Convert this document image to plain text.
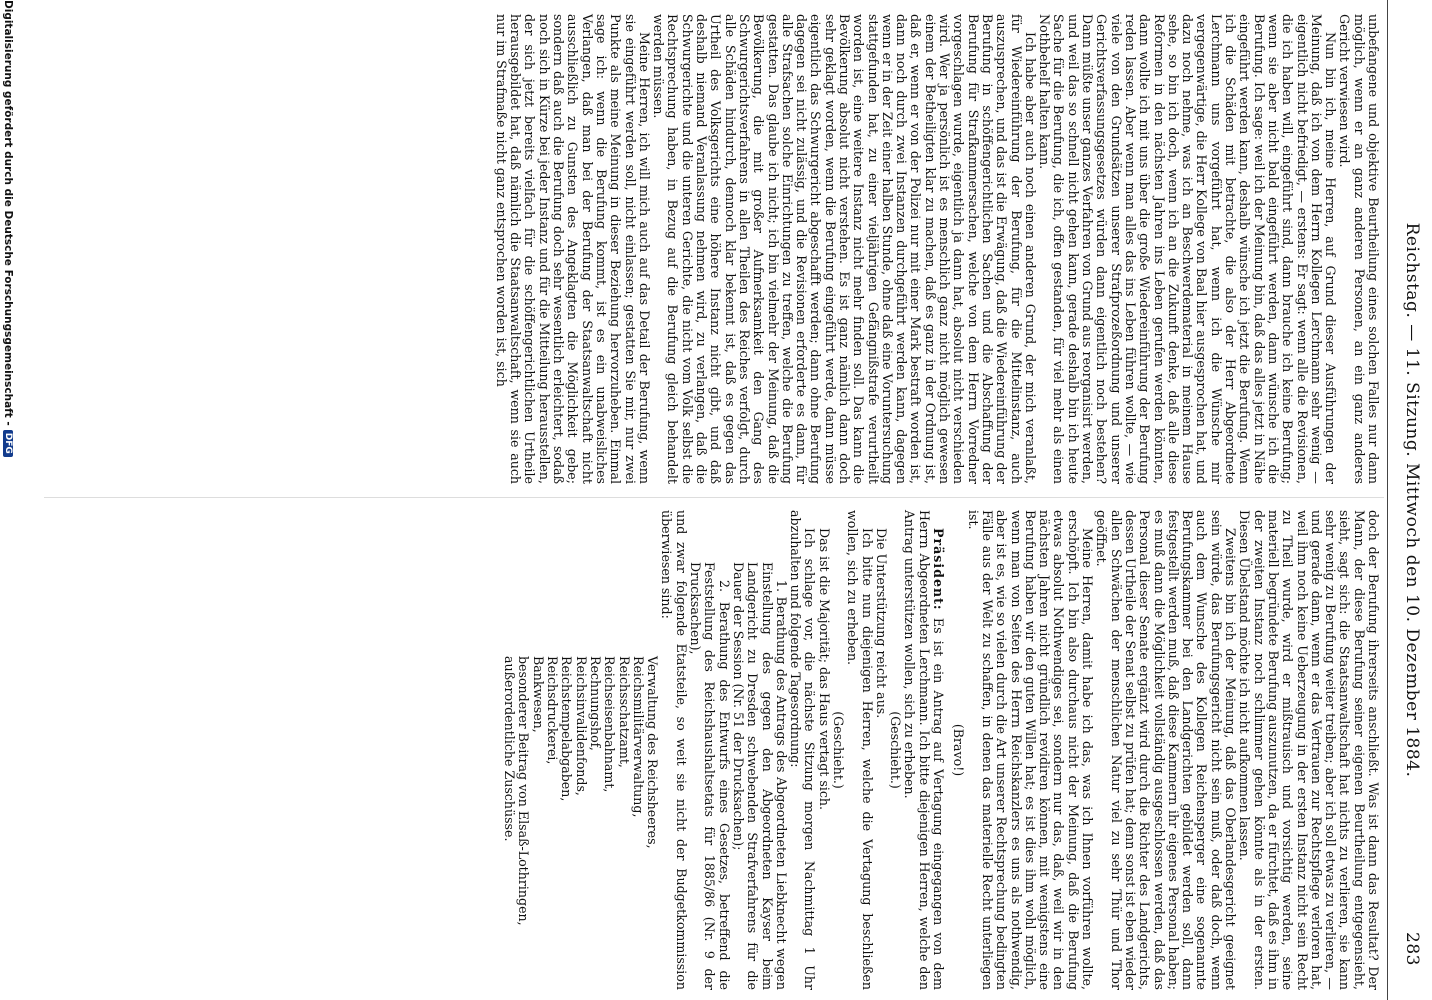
Reichstag. — 11. Sitzung. Mittwoch den 10. Dezember 1884.
283

unbefangene und objektive Beurtheilung eines solchen Falles nur dann möglich, wenn er an ganz anderen Personen, an ein ganz anderes Gericht verwiesen wird.

Nun bin ich, meine Herren, auf Grund dieser Ausführungen der Meinung, daß ich von dem Herrn Kollegen Lerchmann sehr wenig — eigentlich nicht befriedigt, — erstens: Er sagt: wenn alle die Revisionen, die ich haben will, eingeführt sind, dann brauche ich keine Berufung; wenn sie aber nicht bald eingeführt werden, dann wünsche ich die Berufung. Ich sage: weil ich der Meinung bin, daß das alles jetzt in Nähe eingeführt werden kann, deshalb wünsche ich jetzt die Berufung. Wenn ich die Schäden mit betrachte, die also der Herr Abgeordnete Lerchmann uns vorgeführt hat, wenn ich die Wünsche mir vergegenwärtige, die Herr Kollege von Baal hier ausgesprochen hat, und dazu noch nehme, was ich an Beschwerdematerial in meinem Hause sehe, so bin ich doch, wenn ich an die Zukunft denke, daß alle diese Reformen in den nächsten Jahren ins Leben gerufen werden könnten, dann wollte ich mit uns über die große Wiedereinführung der Berufung reden lassen. Aber wenn man alles das ins Leben führen wollte, — wie viele von den Grundsätzen unserer Strafprozeßordnung und unserer Gerichtsverfassungsgesetzes würden dann eigentlich noch bestehen? Dann müßte unser ganzes Verfahren von Grund aus reorganisirt werden, und weil das so schnell nicht gehen kann, gerade deshalb bin ich heute Sache für die Berufung, die ich, offen gestanden, für viel mehr als einen Nothbehelf halten kann.

Ich habe aber auch noch einen anderen Grund, der mich veranlaßt, für Wiedereinführung der Berufung, für die Mittelinstanz, auch auszusprechen, und das ist die Erwägung, daß die Wiedereinführung der Berufung in schöffengerichtlichen Sachen und die Abschaffung der Berufung für Strafkammersachen, welche von dem Herrn Vorredner vorgeschlagen wurde, eigentlich ja dann hat, absolut nicht verschieden wird. Wer ja persönlich ist es menschlich ganz nicht möglich gewesen einem der Betheiligten klar zu machen, daß es ganz in der Ordnung ist, daß er, wenn er von der Polizei nur mit einer Mark bestraft worden ist, dann noch durch zwei Instanzen durchgeführt werden kann, dagegen wenn er in der Zeit einer halben Stunde, ohne daß eine Voruntersuchung stattgefunden hat, zu einer vieljährigen Gefängnißstrafe verurtheilt worden ist, eine weitere Instanz nicht mehr finden soll. Das kann die Bevölkerung absolut nicht verstehen. Es ist ganz nämlich dann doch sehr geklagt worden, wenn die Berufung eingeführt werde, dann müsse eigentlich das Schwurgericht abgeschafft werden; dann ohne Berufung dagegen sei nicht zulässig, und die Revisionen erforderte es dann, für alle Strafsachen solche Einrichtungen zu treffen, welche die Berufung gestatten. Das glaube ich nicht; ich bin vielmehr der Meinung, daß die Bevölkerung, die mit großer Aufmerksamkeit den Gang des Schwurgerichtsverfahrens in allen Theilen des Reiches verfolgt, durch alle Schäden hindurch, dennoch klar bekennt ist, daß es gegen das Urtheil des Volksgerichts eine höhere Instanz nicht gibt, und daß deshalb niemand Veranlassung nehmen wird, zu verlangen, daß die Schwurgerichte und die unteren Gerichte, die nicht vom Volk selbst die Rechtsprechung haben, in Bezug auf die Berufung gleich behandelt werden müssen.

Meine Herren, ich will mich auch auf das Detail der Berufung, wenn sie eingeführt werden soll, nicht einlassen; gestatten Sie mir, nur zwei Punkte als meine Meinung in dieser Beziehung hervorzuheben. Einmal sage ich: wenn die Berufung kommt, ist es ein unabweisliches Verlangen, daß man bei der Berufung der Staatsanwaltschaft nicht ausschließlich zu Gunsten des Angeklagten die Möglichkeit gebe; sondern daß auch die Berufung doch sehr wesentlich erleichtert, sodaß noch sich in Kürze bei jeder Instanz und für die Mitteilung herausstellen, der sich jetzt bereits vielfach für die schöffengerichtlichen Urtheile herausgebildet hat, daß nämlich die Staatsanwaltschaft, wenn sie auch nur im Strafmaße nicht ganz entsprochen worden ist, sich

doch der Berufung ihrerseits anschließt. Was ist dann das Resultat? Der Mann, der diese Berufung seiner eigenen Beurtheilung entgegensieht, sieht, sagt sich: die Staatsanwaltschaft hat nichts zu verlieren, sie kann sehr wenig zu Berufung weiter treiben; aber ich soll etwas zu verlieren, — und gerade dann, wenn er das Vertrauen zur Rechtspflege verloren hat, weil ihm noch keine Ueberzeugung in der ersten Instanz nicht sein Recht zu Theil wurde, wird er mißtrauisch und vorsichtig werden, seine materiell begründete Berufung auszunutzen, da er fürchtet, daß es ihm in der zweiten Instanz noch schlimmer gehen könnte als in der ersten. Diesen Übelstand möchte ich nicht aufkommen lassen.

Zweitens bin ich der Meinung, daß das Oberlandesgericht geeignet sein würde, das Berufungsgericht nicht sein muß, oder daß doch, wenn auch dem Wunsche des Kollegen Reichensperger eine sogenannte Berufungskammer bei den Landgerichten gebildet werden soll, dann festgestellt werden muß, daß diese Kammern ihr eigenes Personal haben; es muß dann die Möglichkeit vollständig ausgeschlossen werden, daß das Personal dieser Senate ergänzt wird durch die Richter des Landgerichts, dessen Urtheile der Senat selbst zu prüfen hat; denn sonst ist eben wieder allen Schwächen der menschlichen Natur viel zu sehr Thür und Thor geöffnet.

Meine Herren, damit habe ich das, was ich Ihnen vorführen wollte, erschöpft. Ich bin also durchaus nicht der Meinung, daß die Berufung etwas absolut Nothwendiges sei, sondern nur das, daß, weil wir in den nächsten Jahren nicht gründlich revidiren können, mit wenigstens eine Berufung haben wir den guten Willen hat; es ist dies ihm wohl möglich, wenn man von Seiten des Herrn Reichskanzlers es uns als nothwendig, aber ist es, wie so vielen durch die Art unserer Rechtsprechung bedingten Fälle aus der Welt zu schaffen, in denen das materielle Recht unterliegen ist.

(Bravo!)

Präsident: Es ist ein Antrag auf Vertagung eingegangen von dem Herrn Abgeordneten Lerchmann. Ich bitte diejenigen Herren, welche den Antrag unterstützen wollen, sich zu erheben.

(Geschieht.)

Die Unterstützung reicht aus.

Ich bitte nun diejenigen Herren, welche die Vertagung beschließen wollen, sich zu erheben.

(Geschieht.)

Das ist die Majorität; das Haus vertagt sich.

Ich schlage vor, die nächste Sitzung morgen Nachmittag 1 Uhr abzuhalten und folgende Tagesordnung:

1. Berathung des Antrags des Abgeordneten Liebknecht wegen Einstellung des gegen den Abgeordneten Kayser beim Landgericht zu Dresden schwebenden Strafverfahrens für die Dauer der Session (Nr. 51 der Drucksachen);

2. Berathung des Entwurfs eines Gesetzes, betreffend die Feststellung des Reichshaushaltsetats für 1885/86 (Nr. 9 der Drucksachen),

und zwar folgende Etatsteile, so weit sie nicht der Budgetkommission überwiesen sind:

Verwaltung des Reichsheeres,

Reichsmilitärverwaltung,

Reichsschatzamt,

Reichseisenbahnamt,

Rechnungshof,

Reichsinvalidenfonds,

Reichstempelabgaben,

Reichsdruckerei,

Bankwesen,

besonderer Beitrag von Elsaß-Lothringen,

außerordentliche Zuschüsse.

Digitalisierung gefördert durch die Deutsche Forschungsgemeinschaft -DFG
